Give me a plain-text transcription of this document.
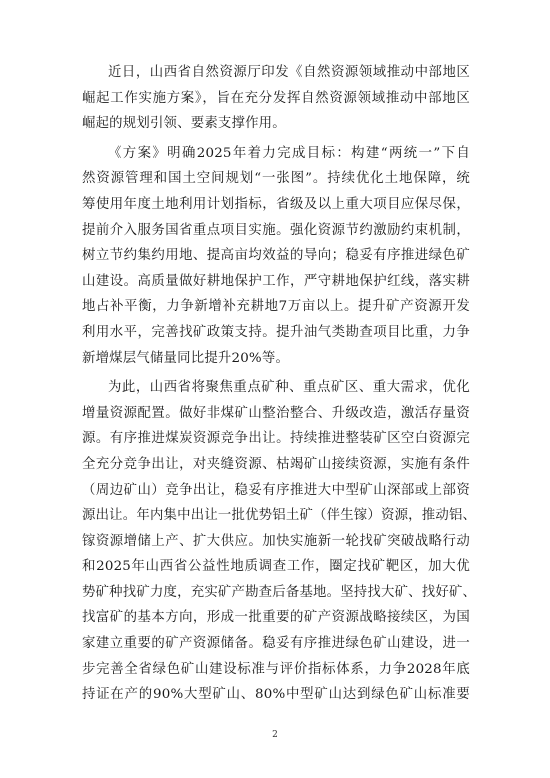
近日，山西省自然资源厅印发《自然资源领域推动中部地区
崛起工作实施方案》，旨在充分发挥自然资源领域推动中部地区
崛起的规划引领、要素支撑作用。

《方案》明确2025年着力完成目标：构建“两统一”下自
然资源管理和国土空间规划“一张图”。持续优化土地保障，统
筹使用年度土地利用计划指标，省级及以上重大项目应保尽保，
提前介入服务国省重点项目实施。强化资源节约激励约束机制，
树立节约集约用地、提高亩均效益的导向；稳妥有序推进绿色矿
山建设。高质量做好耕地保护工作，严守耕地保护红线，落实耕
地占补平衡，力争新增补充耕地7万亩以上。提升矿产资源开发
利用水平，完善找矿政策支持。提升油气类勘查项目比重，力争
新增煤层气储量同比提升20%等。

为此，山西省将聚焦重点矿种、重点矿区、重大需求，优化
增量资源配置。做好非煤矿山整治整合、升级改造，激活存量资
源。有序推进煤炭资源竞争出让。持续推进整装矿区空白资源完
全充分竞争出让，对夹缝资源、枯竭矿山接续资源，实施有条件
（周边矿山）竞争出让，稳妥有序推进大中型矿山深部或上部资
源出让。年内集中出让一批优势铝土矿（伴生镓）资源，推动铝、
镓资源增储上产、扩大供应。加快实施新一轮找矿突破战略行动
和2025年山西省公益性地质调查工作，圈定找矿靶区，加大优
势矿种找矿力度，充实矿产勘查后备基地。坚持找大矿、找好矿、
找富矿的基本方向，形成一批重要的矿产资源战略接续区，为国
家建立重要的矿产资源储备。稳妥有序推进绿色矿山建设，进一
步完善全省绿色矿山建设标准与评价指标体系，力争2028年底
持证在产的90%大型矿山、80%中型矿山达到绿色矿山标准要

2
